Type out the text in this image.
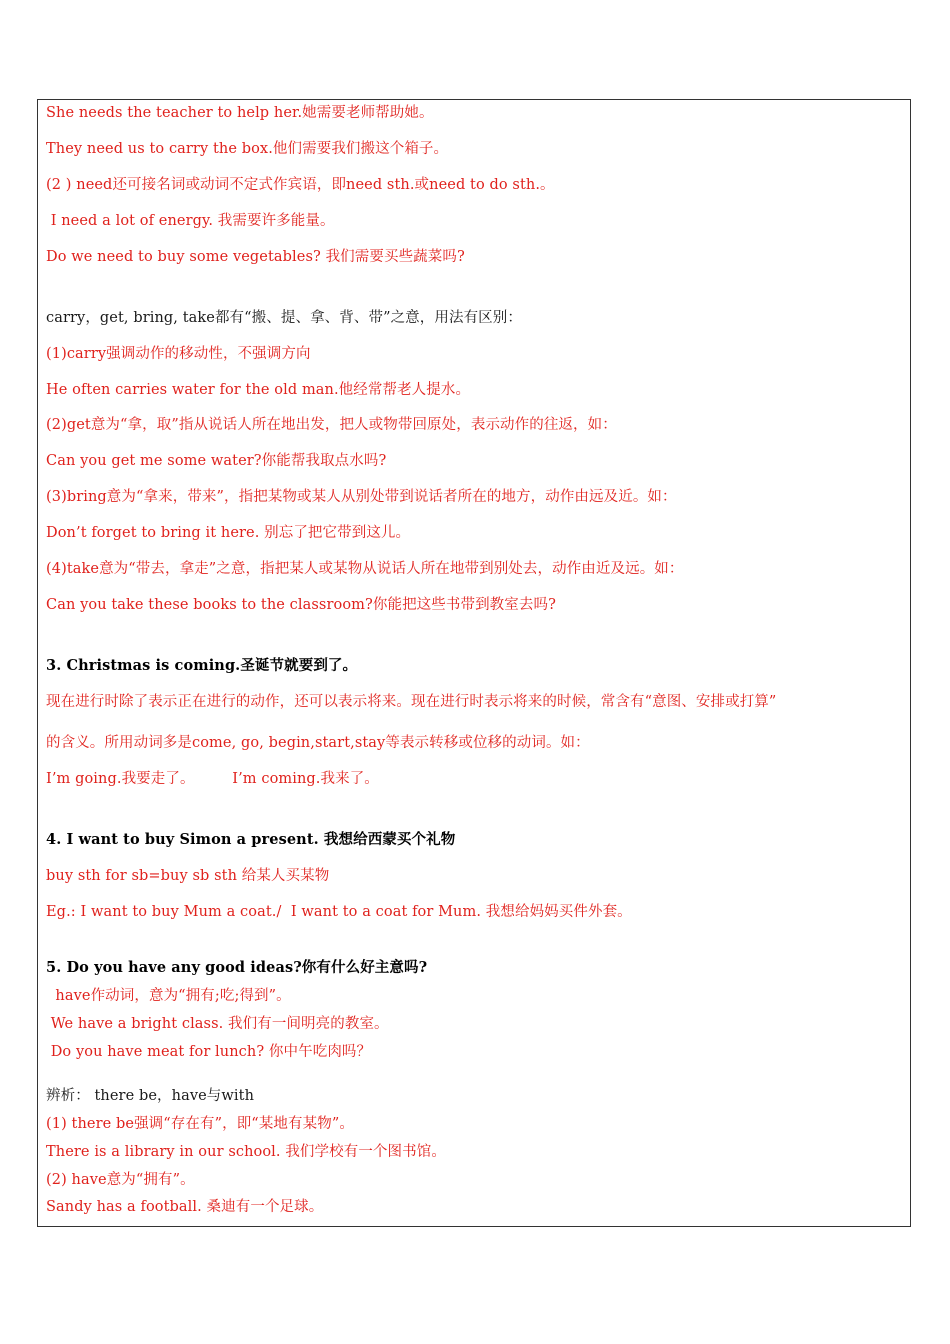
She needs the teacher to help her.她需要老师帮助她。
They need us to carry the box.他们需要我们搬这个箱子。
(2 ) need还可接名词或动词不定式作宾语，即need sth.或need to do sth.。
I need a lot of energy. 我需要许多能量。
Do we need to buy some vegetables? 我们需要买些蔬菜吗?
carry，get, bring, take都有“搬、提、拿、背、带”之意，用法有区别：
(1)carry强调动作的移动性，不强调方向
He often carries water for the old man.他经常帮老人提水。
(2)get意为“拿，取”指从说话人所在地出发，把人或物带回原处，表示动作的往返，如：
Can you get me some water?你能帮我取点水吗?
(3)bring意为“拿来，带来”，指把某物或某人从别处带到说话者所在的地方，动作由远及近。如：
Don’t forget to bring it here. 别忘了把它带到这儿。
(4)take意为“带去，拿走”之意，指把某人或某物从说话人所在地带到别处去，动作由近及远。如：
Can you take these books to the classroom?你能把这些书带到教室去吗?
3. Christmas is coming.圣诞节就要到了。
现在进行时除了表示正在进行的动作，还可以表示将来。现在进行时表示将来的时候，常含有“意图、安排或打算”
的含义。所用动词多是come, go, begin,start,stay等表示转移或位移的动词。如：
I’m going.我要走了。        I’m coming.我来了。
4. I want to buy Simon a present. 我想给西蒙买个礼物
buy sth for sb=buy sb sth 给某人买某物
Eg.: I want to buy Mum a coat./  I want to a coat for Mum. 我想给妈妈买件外套。
5. Do you have any good ideas?你有什么好主意吗?
have作动词，意为“拥有;吃;得到”。
We have a bright class. 我们有一间明亮的教室。
Do you have meat for lunch? 你中午吃肉吗？
辨析： there be，have与with
(1) there be强调“存在有”，即“某地有某物”。
There is a library in our school. 我们学校有一个图书馆。
(2) have意为“拥有”。
Sandy has a football. 桑迪有一个足球。
